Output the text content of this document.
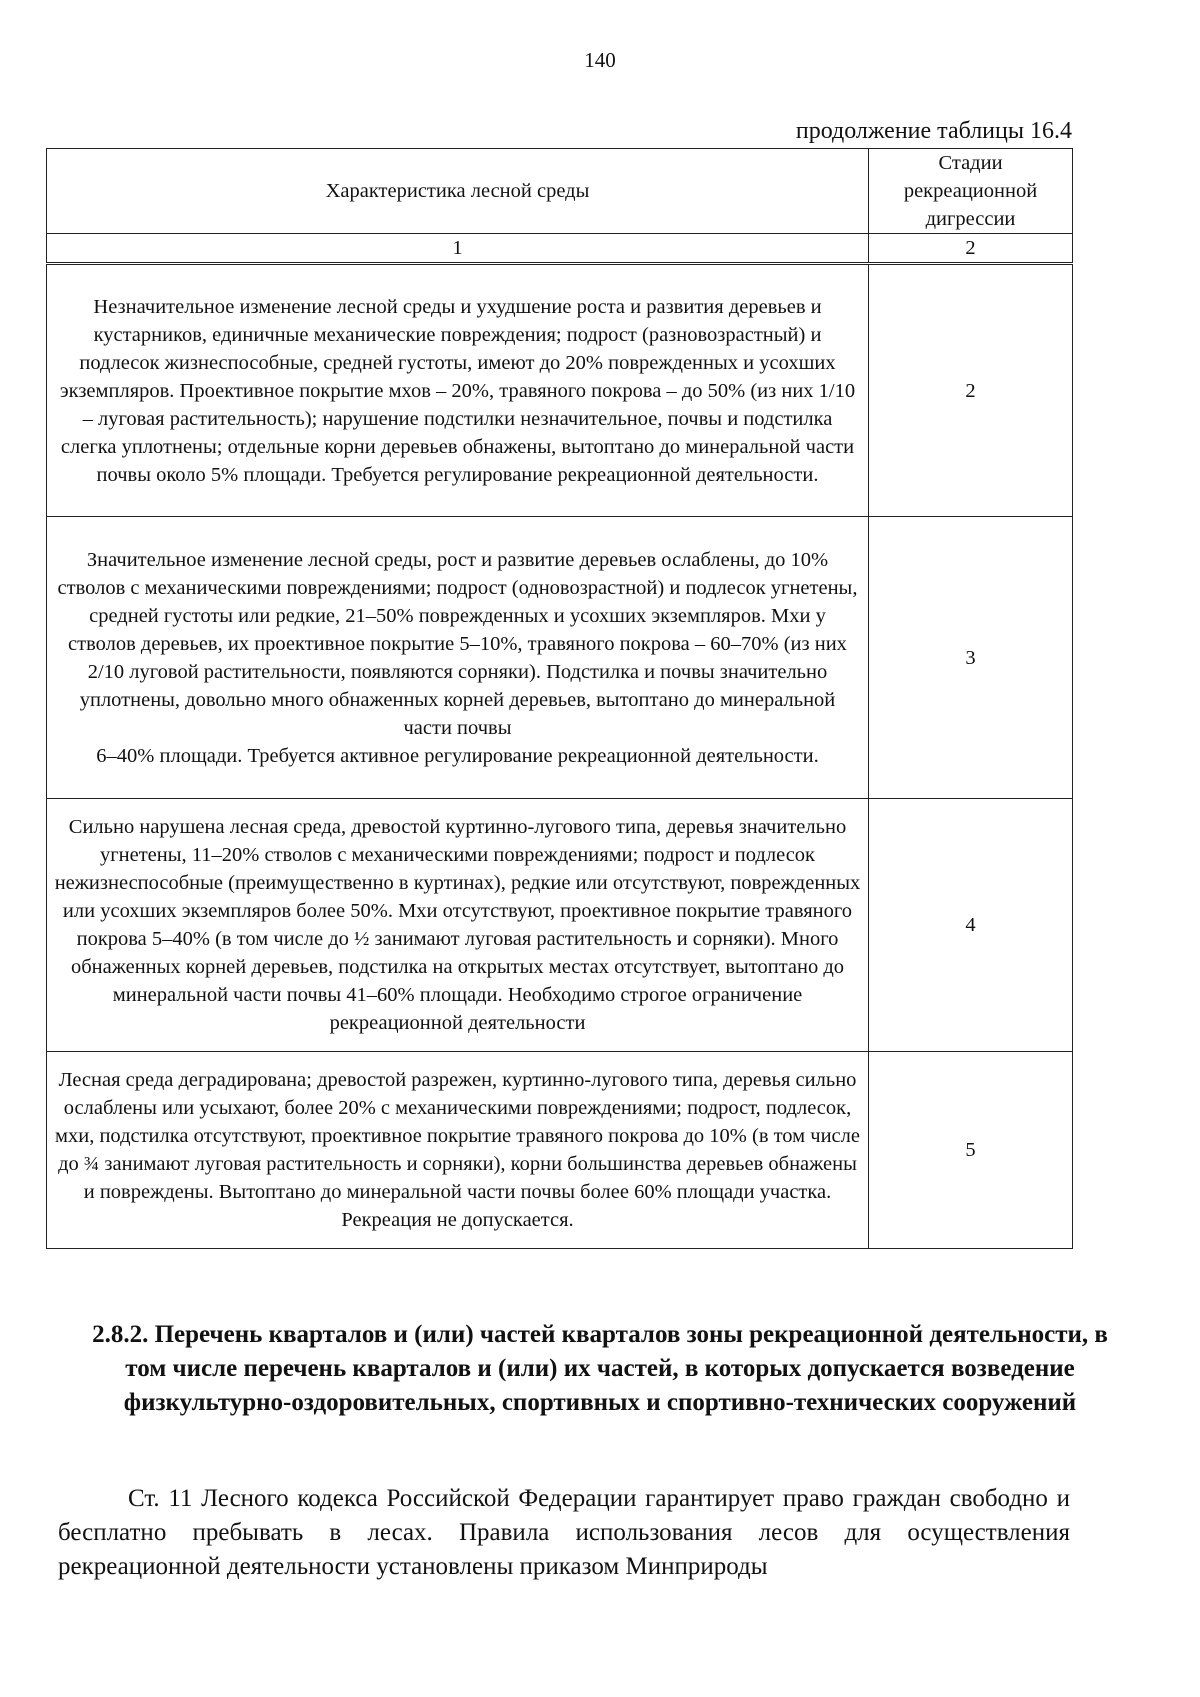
140
продолжение таблицы 16.4
Характеристика лесной среды	Стадии рекреационной дигрессии
1	2
Незначительное изменение лесной среды и ухудшение роста и развития деревьев и кустарников, единичные механические повреждения; подрост (разновозрастный) и подлесок жизнеспособные, средней густоты, имеют до 20% поврежденных и усохших экземпляров. Проективное покрытие мхов – 20%, травяного покрова – до 50% (из них 1/10 – луговая растительность); нарушение подстилки незначительное, почвы и подстилка слегка уплотнены; отдельные корни деревьев обнажены, вытоптано до минеральной части почвы около 5% площади. Требуется регулирование рекреационной деятельности.	2

Значительное изменение лесной среды, рост и развитие деревьев ослаблены, до 10% стволов с механическими повреждениями; подрост (одновозрастной) и подлесок угнетены, средней густоты или редкие, 21–50% поврежденных и усохших экземпляров. Мхи у стволов деревьев, их проективное покрытие 5–10%, травяного покрова – 60–70% (из них 2/10 луговой растительности, появляются сорняки). Подстилка и почвы значительно уплотнены, довольно много обнаженных корней деревьев, вытоптано до минеральной части почвы
6–40% площади. Требуется активное регулирование рекреационной деятельности.	3
Сильно нарушена лесная среда, древостой куртинно-лугового типа, деревья значительно угнетены, 11–20% стволов с механическими повреждениями; подрост и подлесок нежизнеспособные (преимущественно в куртинах), редкие или отсутствуют, поврежденных или усохших экземпляров более 50%. Мхи отсутствуют, проективное покрытие травяного покрова 5–40% (в том числе до ½ занимают луговая растительность и сорняки). Много обнаженных корней деревьев, подстилка на открытых местах отсутствует, вытоптано до минеральной части почвы 41–60% площади. Необходимо строгое ограничение рекреационной деятельности	4
Лесная среда деградирована; древостой разрежен, куртинно-лугового типа, деревья сильно ослаблены или усыхают, более 20% с механическими повреждениями; подрост, подлесок, мхи, подстилка отсутствуют, проективное покрытие травяного покрова до 10% (в том числе до ¾ занимают луговая растительность и сорняки), корни большинства деревьев обнажены и повреждены. Вытоптано до минеральной части почвы более 60% площади участка. Рекреация не допускается.	5
2.8.2. Перечень кварталов и (или) частей кварталов зоны рекреационной деятельности, в том числе перечень кварталов и (или) их частей, в которых допускается возведение физкультурно-оздоровительных, спортивных и спортивно-технических сооружений
Ст. 11 Лесного кодекса Российской Федерации гарантирует право граждан свободно и бесплатно пребывать в лесах. Правила использования лесов для осуществления рекреационной деятельности установлены приказом Минприроды
